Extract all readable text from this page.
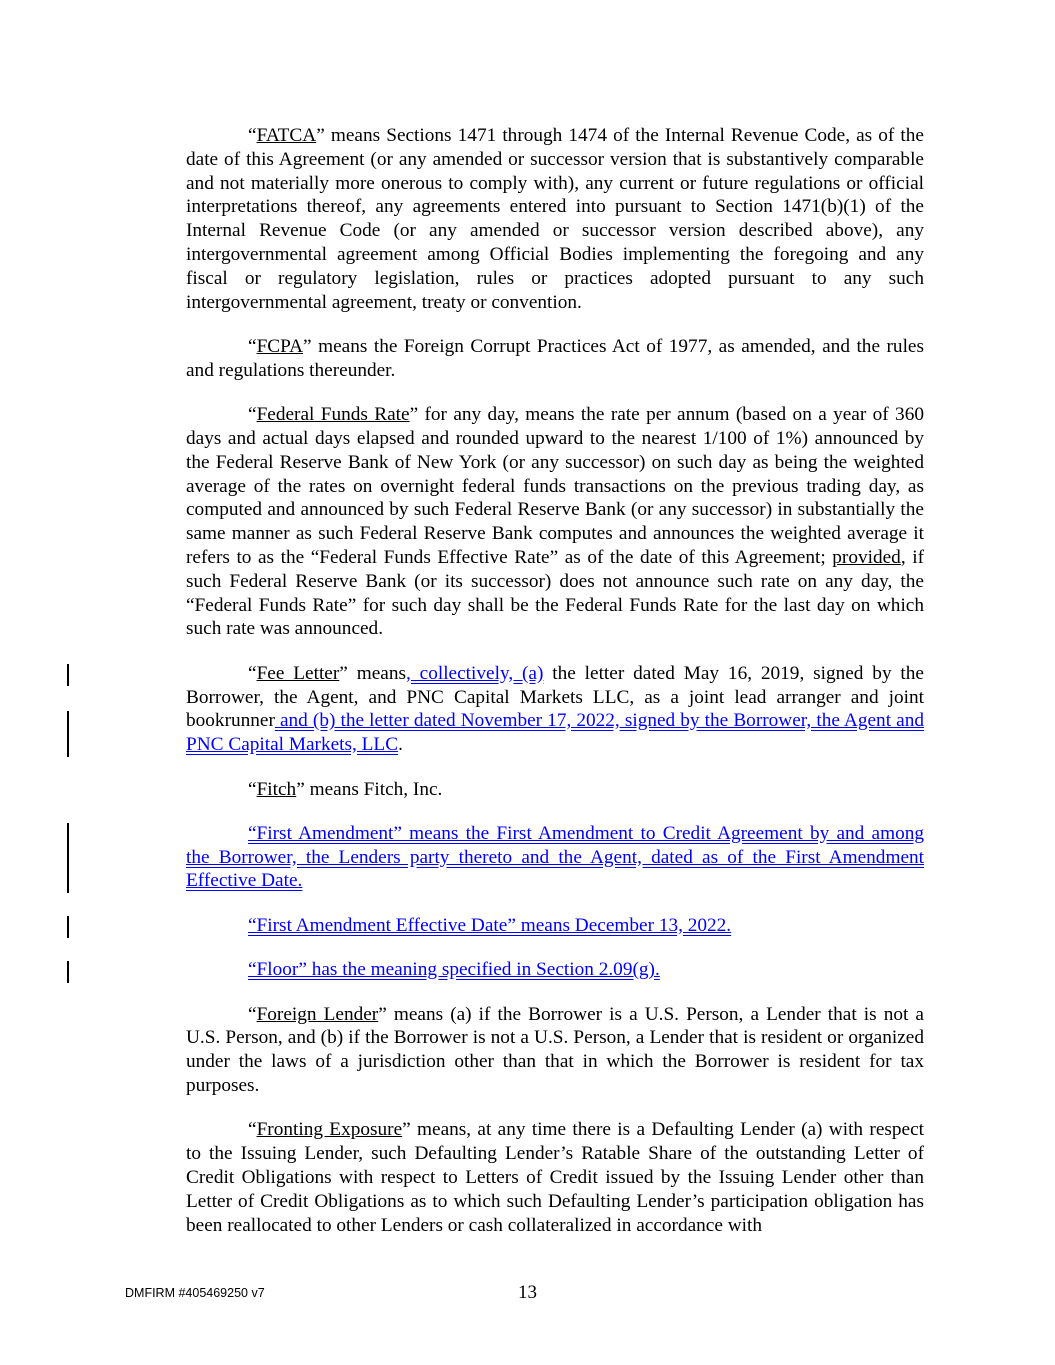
“FATCA” means Sections 1471 through 1474 of the Internal Revenue Code, as of the date of this Agreement (or any amended or successor version that is substantively comparable and not materially more onerous to comply with), any current or future regulations or official interpretations thereof, any agreements entered into pursuant to Section 1471(b)(1) of the Internal Revenue Code (or any amended or successor version described above), any intergovernmental agreement among Official Bodies implementing the foregoing and any fiscal or regulatory legislation, rules or practices adopted pursuant to any such intergovernmental agreement, treaty or convention.

“FCPA” means the Foreign Corrupt Practices Act of 1977, as amended, and the rules and regulations thereunder.

“Federal Funds Rate” for any day, means the rate per annum (based on a year of 360 days and actual days elapsed and rounded upward to the nearest 1/100 of 1%) announced by the Federal Reserve Bank of New York (or any successor) on such day as being the weighted average of the rates on overnight federal funds transactions on the previous trading day, as computed and announced by such Federal Reserve Bank (or any successor) in substantially the same manner as such Federal Reserve Bank computes and announces the weighted average it refers to as the “Federal Funds Effective Rate” as of the date of this Agreement; provided, if such Federal Reserve Bank (or its successor) does not announce such rate on any day, the “Federal Funds Rate” for such day shall be the Federal Funds Rate for the last day on which such rate was announced.

“Fee Letter” means, collectively, (a) the letter dated May 16, 2019, signed by the Borrower, the Agent, and PNC Capital Markets LLC, as a joint lead arranger and joint bookrunner and (b) the letter dated November 17, 2022, signed by the Borrower, the Agent and PNC Capital Markets, LLC.

“Fitch” means Fitch, Inc.

“First Amendment” means the First Amendment to Credit Agreement by and among the Borrower, the Lenders party thereto and the Agent, dated as of the First Amendment Effective Date.

“First Amendment Effective Date” means December 13, 2022.

“Floor” has the meaning specified in Section 2.09(g).

“Foreign Lender” means (a) if the Borrower is a U.S. Person, a Lender that is not a U.S. Person, and (b) if the Borrower is not a U.S. Person, a Lender that is resident or organized under the laws of a jurisdiction other than that in which the Borrower is resident for tax purposes.

“Fronting Exposure” means, at any time there is a Defaulting Lender (a) with respect to the Issuing Lender, such Defaulting Lender’s Ratable Share of the outstanding Letter of Credit Obligations with respect to Letters of Credit issued by the Issuing Lender other than Letter of Credit Obligations as to which such Defaulting Lender’s participation obligation has been reallocated to other Lenders or cash collateralized in accordance with

DMFIRM #405469250 v7	13
